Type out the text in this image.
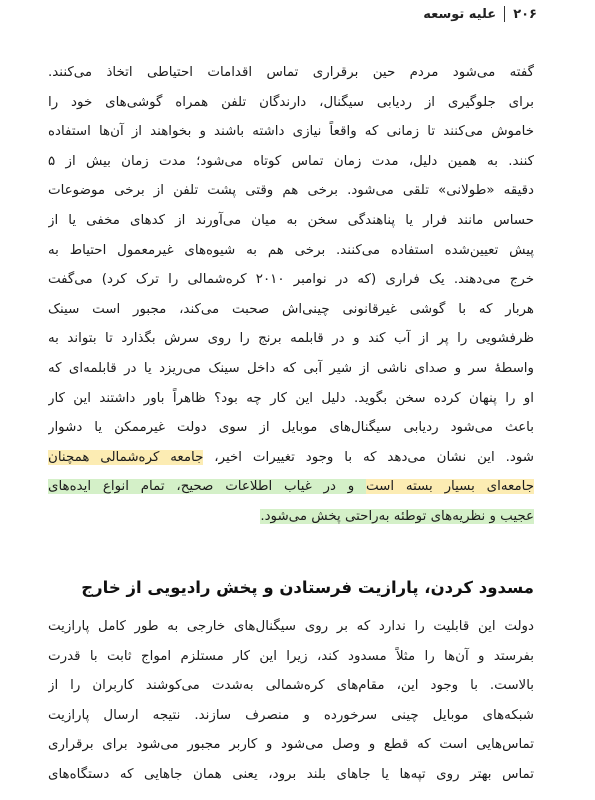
۲۰۶
علیه توسعه
گفته می‌شود مردم حین برقراری تماس اقدامات احتیاطی اتخاذ می‌کنند.
برای جلوگیری از ردیابی سیگنال، دارندگان تلفن همراه گوشی‌های خود را
خاموش می‌کنند تا زمانی که واقعاً نیازی داشته باشند و بخواهند از آن‌ها استفاده
کنند. به همین دلیل، مدت زمان تماس کوتاه می‌شود؛ مدت زمان بیش از ۵
دقیقه «طولانی» تلقی می‌شود. برخی هم وقتی پشت تلفن از برخی موضوعات
حساس مانند فرار یا پناهندگی سخن به میان می‌آورند از کدهای مخفی یا از
پیش تعیین‌شده استفاده می‌کنند. برخی هم به شیوه‌های غیرمعمول احتیاط به
خرج می‌دهند. یک فراری (که در نوامبر ۲۰۱۰ کره‌شمالی را ترک کرد) می‌گفت
هربار که با گوشی غیرقانونی چینی‌اش صحبت می‌کند، مجبور است سینک
ظرفشویی را پر از آب کند و در قابلمه برنج را روی سرش بگذارد تا بتواند به
واسطهٔ سر و صدای ناشی از شیر آبی که داخل سینک می‌ریزد یا در قابلمه‌ای که
او را پنهان کرده سخن بگوید. دلیل این کار چه بود؟ ظاهراً باور داشتند این کار
باعث می‌شود ردیابی سیگنال‌های موبایل از سوی دولت غیرممکن یا دشوار
شود. این نشان می‌دهد که با وجود تغییرات اخیر، جامعه کره‌شمالی همچنان
جامعه‌ای بسیار بسته است و در غیاب اطلاعات صحیح، تمام انواع ایده‌های
عجیب و نظریه‌های توطئه به‌راحتی پخش می‌شود.
مسدود کردن، پارازیت فرستادن و پخش رادیویی از خارج
دولت این قابلیت را ندارد که بر روی سیگنال‌های خارجی به طور کامل پارازیت
بفرستد و آن‌ها را مثلاً مسدود کند، زیرا این کار مستلزم امواج ثابت با قدرت
بالاست. با وجود این، مقام‌های کره‌شمالی به‌شدت می‌کوشند کاربران را از
شبکه‌های موبایل چینی سرخورده و منصرف سازند. نتیجه ارسال پارازیت
تماس‌هایی است که قطع و وصل می‌شود و کاربر مجبور می‌شود برای برقراری
تماس بهتر روی تپه‌ها یا جاهای بلند برود، یعنی همان جاهایی که دستگاه‌های
